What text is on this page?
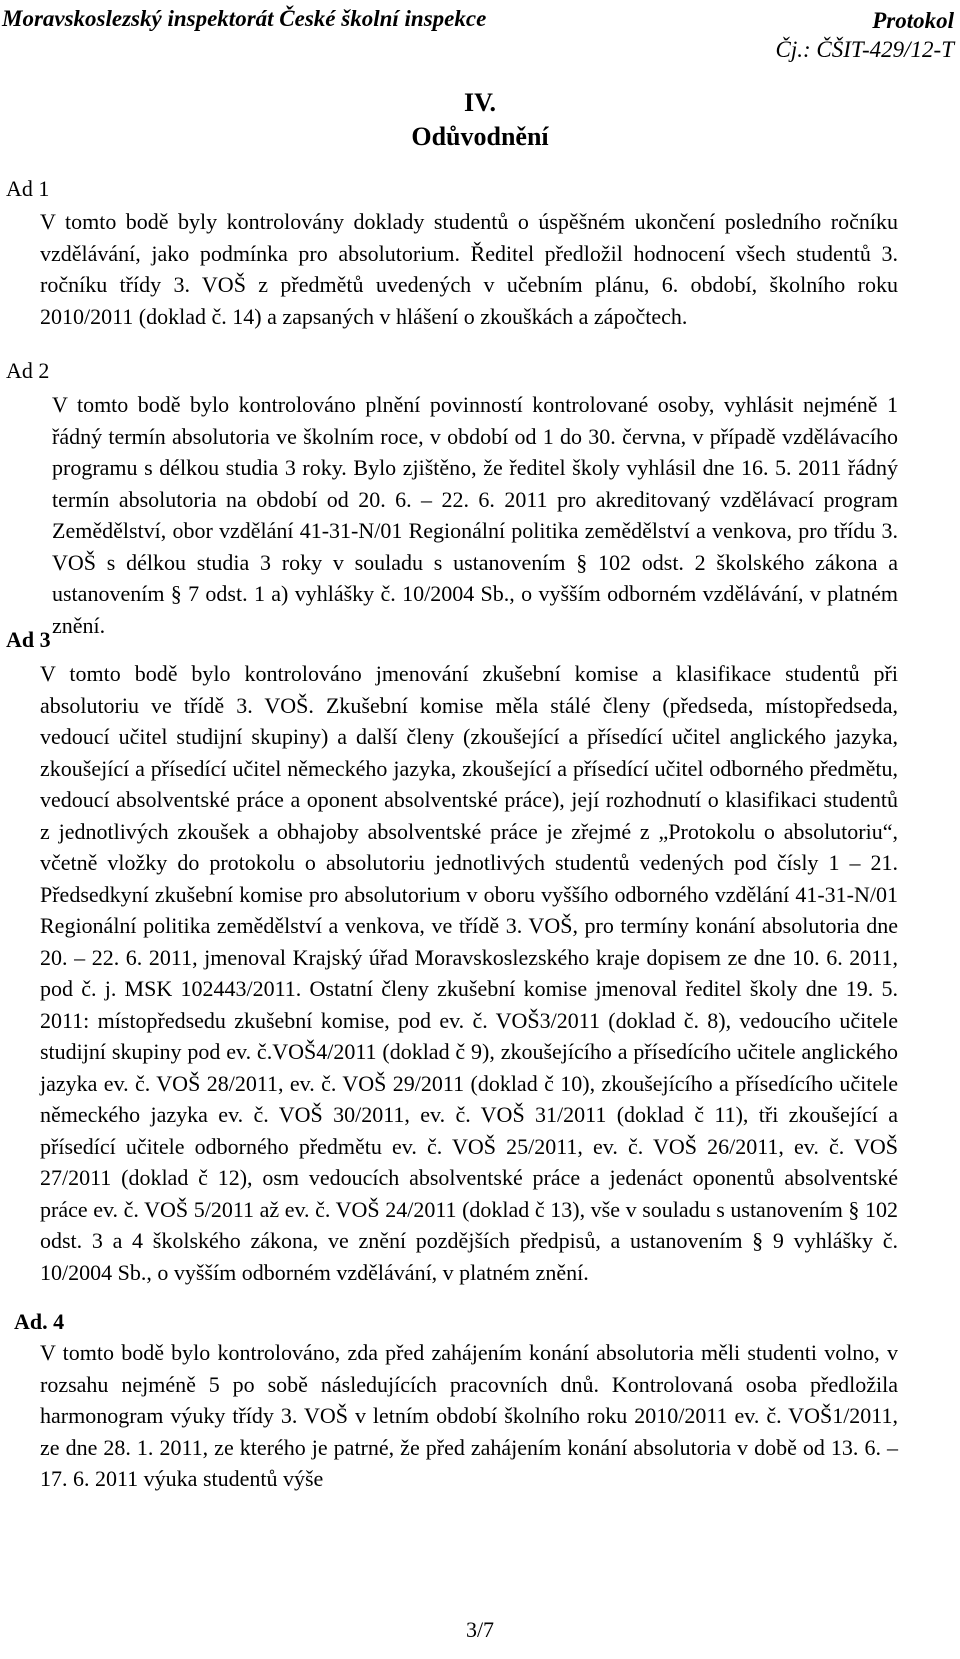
Moravskoslezský inspektorát České školní inspekce	Protokol
Čj.: ČŠIT-429/12-T
IV.
Odůvodnění
Ad 1

V tomto bodě byly kontrolovány doklady studentů o úspěšném ukončení posledního ročníku vzdělávání, jako podmínka pro absolutorium. Ředitel předložil hodnocení všech studentů 3. ročníku třídy 3. VOŠ z předmětů uvedených v učebním plánu, 6. období, školního roku 2010/2011 (doklad č. 14) a zapsaných v hlášení o zkouškách a zápočtech.

Ad 2

V tomto bodě bylo kontrolováno plnění povinností kontrolované osoby, vyhlásit nejméně 1 řádný termín absolutoria ve školním roce, v období od 1 do 30. června, v případě vzdělávacího programu s délkou studia 3 roky. Bylo zjištěno, že ředitel školy vyhlásil dne 16. 5. 2011 řádný termín absolutoria na období od 20. 6. – 22. 6. 2011 pro akreditovaný vzdělávací program Zemědělství, obor vzdělání 41-31-N/01 Regionální politika zemědělství a venkova, pro třídu 3. VOŠ s délkou studia 3 roky v souladu s ustanovením § 102 odst. 2 školského zákona a ustanovením § 7 odst. 1 a) vyhlášky č. 10/2004 Sb., o vyšším odborném vzdělávání, v platném znění.

Ad 3

V tomto bodě bylo kontrolováno jmenování zkušební komise a klasifikace studentů při absolutoriu ve třídě 3. VOŠ. Zkušební komise měla stálé členy (předseda, místopředseda, vedoucí učitel studijní skupiny) a další členy (zkoušející a přísedící učitel anglického jazyka, zkoušející a přísedící učitel německého jazyka, zkoušející a přísedící učitel odborného předmětu, vedoucí absolventské práce a oponent absolventské práce), její rozhodnutí o klasifikaci studentů z jednotlivých zkoušek a obhajoby absolventské práce je zřejmé z „Protokolu o absolutoriu“, včetně vložky do protokolu o absolutoriu jednotlivých studentů vedených pod čísly 1 – 21. Předsedkyní zkušební komise pro absolutorium v oboru vyššího odborného vzdělání 41-31-N/01 Regionální politika zemědělství a venkova, ve třídě 3. VOŠ, pro termíny konání absolutoria dne 20. – 22. 6. 2011, jmenoval Krajský úřad Moravskoslezského kraje dopisem ze dne 10. 6. 2011, pod č. j. MSK 102443/2011. Ostatní členy zkušební komise jmenoval ředitel školy dne 19. 5. 2011: místopředsedu zkušební komise, pod ev. č. VOŠ3/2011 (doklad č. 8), vedoucího učitele studijní skupiny pod ev. č.VOŠ4/2011 (doklad č 9), zkoušejícího a přísedícího učitele anglického jazyka ev. č. VOŠ 28/2011, ev. č. VOŠ 29/2011 (doklad č 10), zkoušejícího a přísedícího učitele německého jazyka ev. č. VOŠ 30/2011, ev. č. VOŠ 31/2011 (doklad č 11), tři zkoušející a přísedící učitele odborného předmětu ev. č. VOŠ 25/2011, ev. č. VOŠ 26/2011, ev. č. VOŠ 27/2011 (doklad č 12), osm vedoucích absolventské práce a jedenáct oponentů absolventské práce ev. č. VOŠ 5/2011 až ev. č. VOŠ 24/2011 (doklad č 13), vše v souladu s ustanovením § 102 odst. 3 a 4 školského zákona, ve znění pozdějších předpisů, a ustanovením § 9 vyhlášky č. 10/2004 Sb., o vyšším odborném vzdělávání, v platném znění.

Ad. 4

V tomto bodě bylo kontrolováno, zda před zahájením konání absolutoria měli studenti volno, v rozsahu nejméně 5 po sobě následujících pracovních dnů. Kontrolovaná osoba předložila harmonogram výuky třídy 3. VOŠ v letním období školního roku 2010/2011 ev. č. VOŠ1/2011, ze dne 28. 1. 2011, ze kterého je patrné, že před zahájením konání absolutoria v době od 13. 6. – 17. 6. 2011 výuka studentů výše

3/7
